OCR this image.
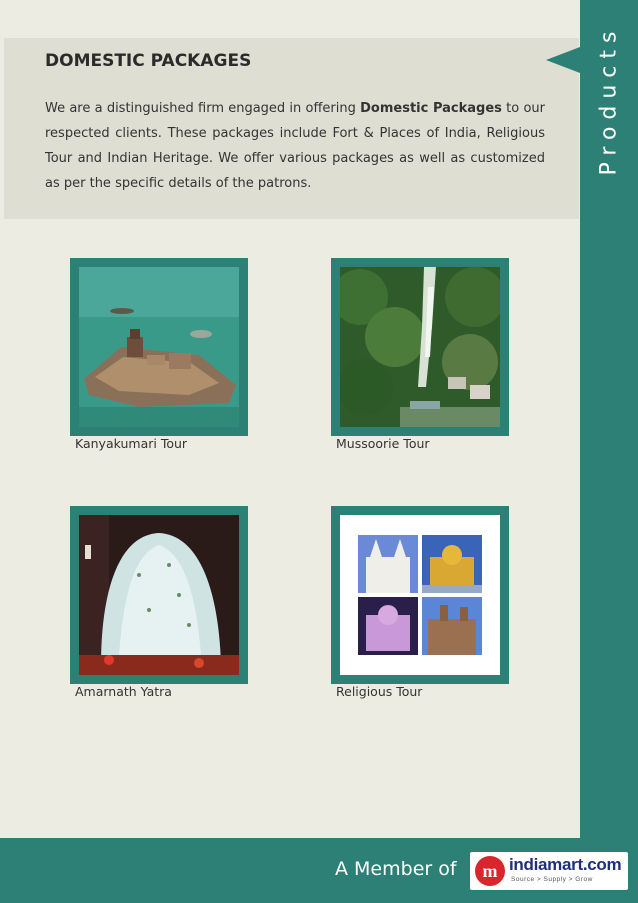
Products
DOMESTIC PACKAGES
We are a distinguished firm engaged in offering Domestic Packages to our respected clients. These packages include Fort & Places of India, Religious Tour and Indian Heritage. We offer various packages as well as customized as per the specific details of the patrons.
Kanyakumari Tour	Mussoorie Tour
Amarnath Yatra	Religious Tour
A Member of	m indiamart.com
Source > Supply > Grow
